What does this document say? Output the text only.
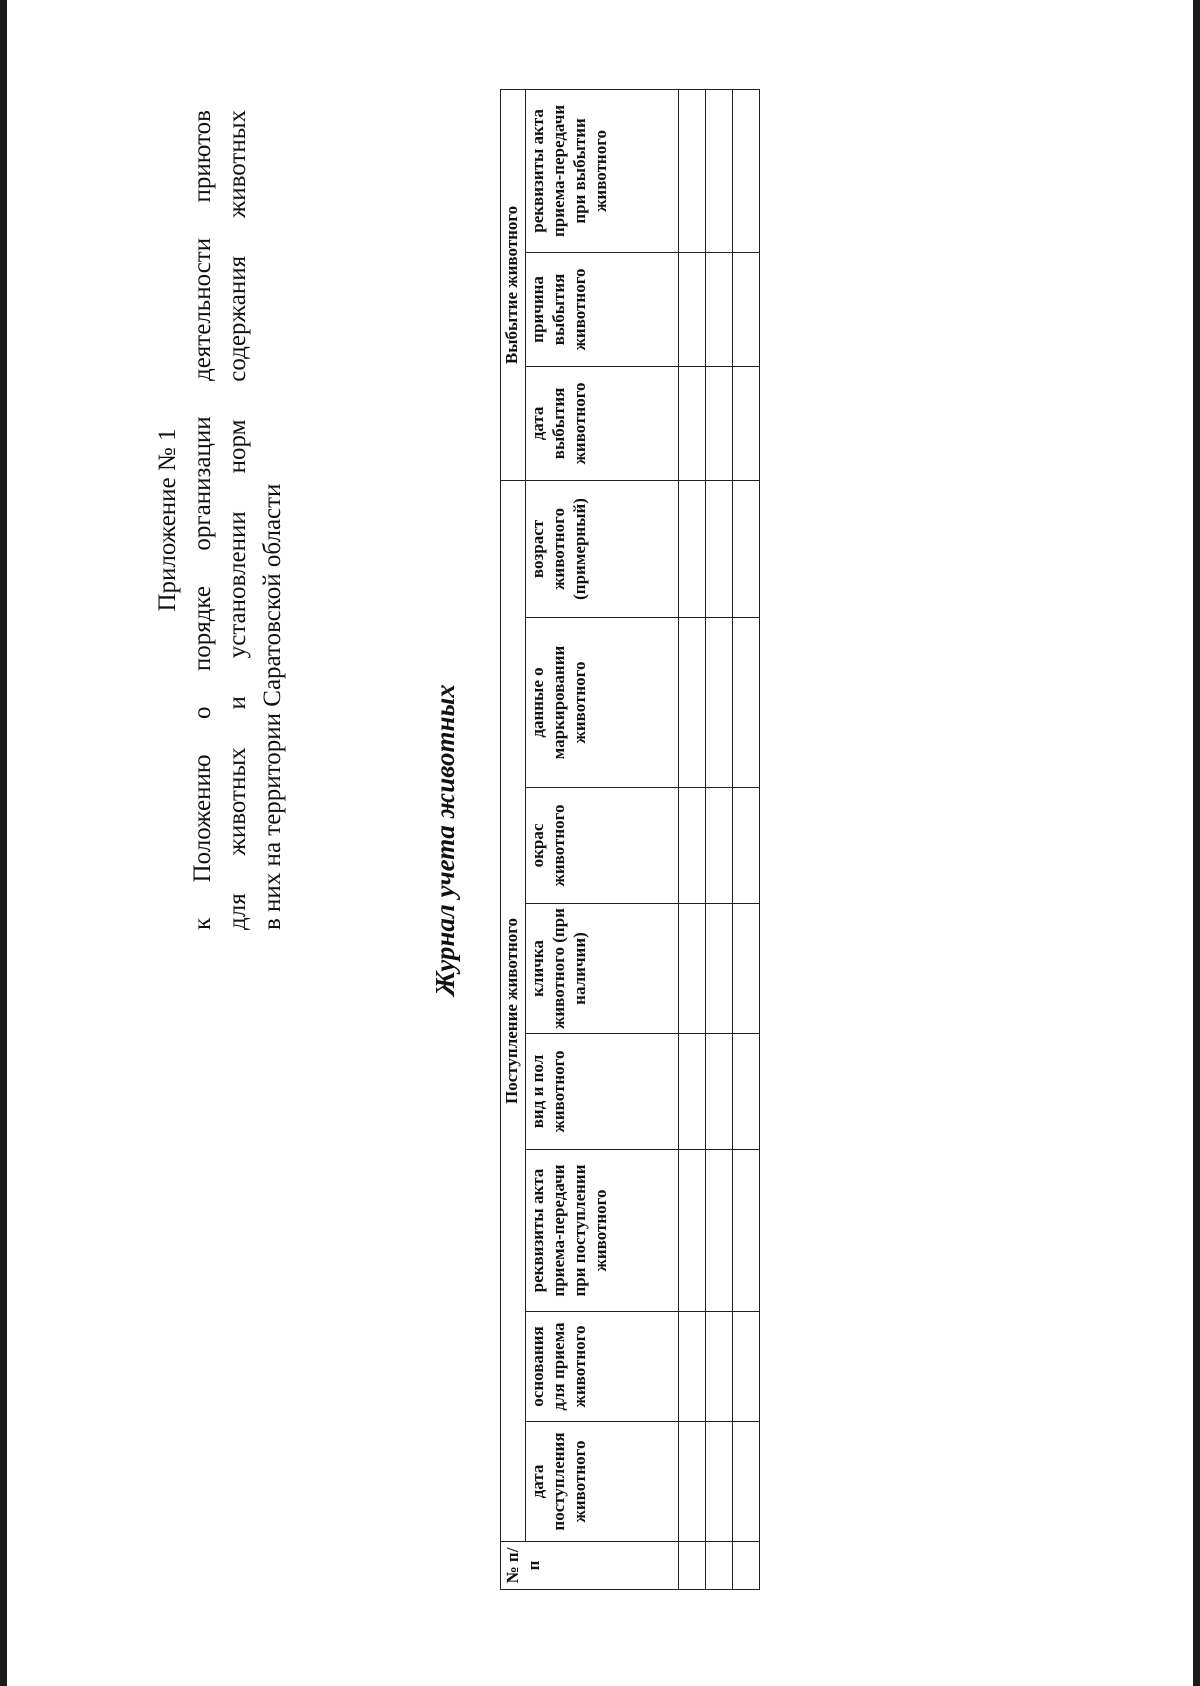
Приложение № 1 к Положению о порядке организации деятельности приютов для животных и установлении норм содержания животных в них на территории Саратовской области	Журнал учета животных
№ п/п	Поступление животного								Выбытие животного		
	дата поступления животного	основания для приема животного	реквизиты акта приема-передачи при поступлении животного	вид и пол животного	кличка животного (при наличии)	окрас животного	данные о маркировании животного	возраст животного (примерный)	дата выбытия животного	причина выбытия животного	реквизиты акта приема-передачи при выбытии животного
